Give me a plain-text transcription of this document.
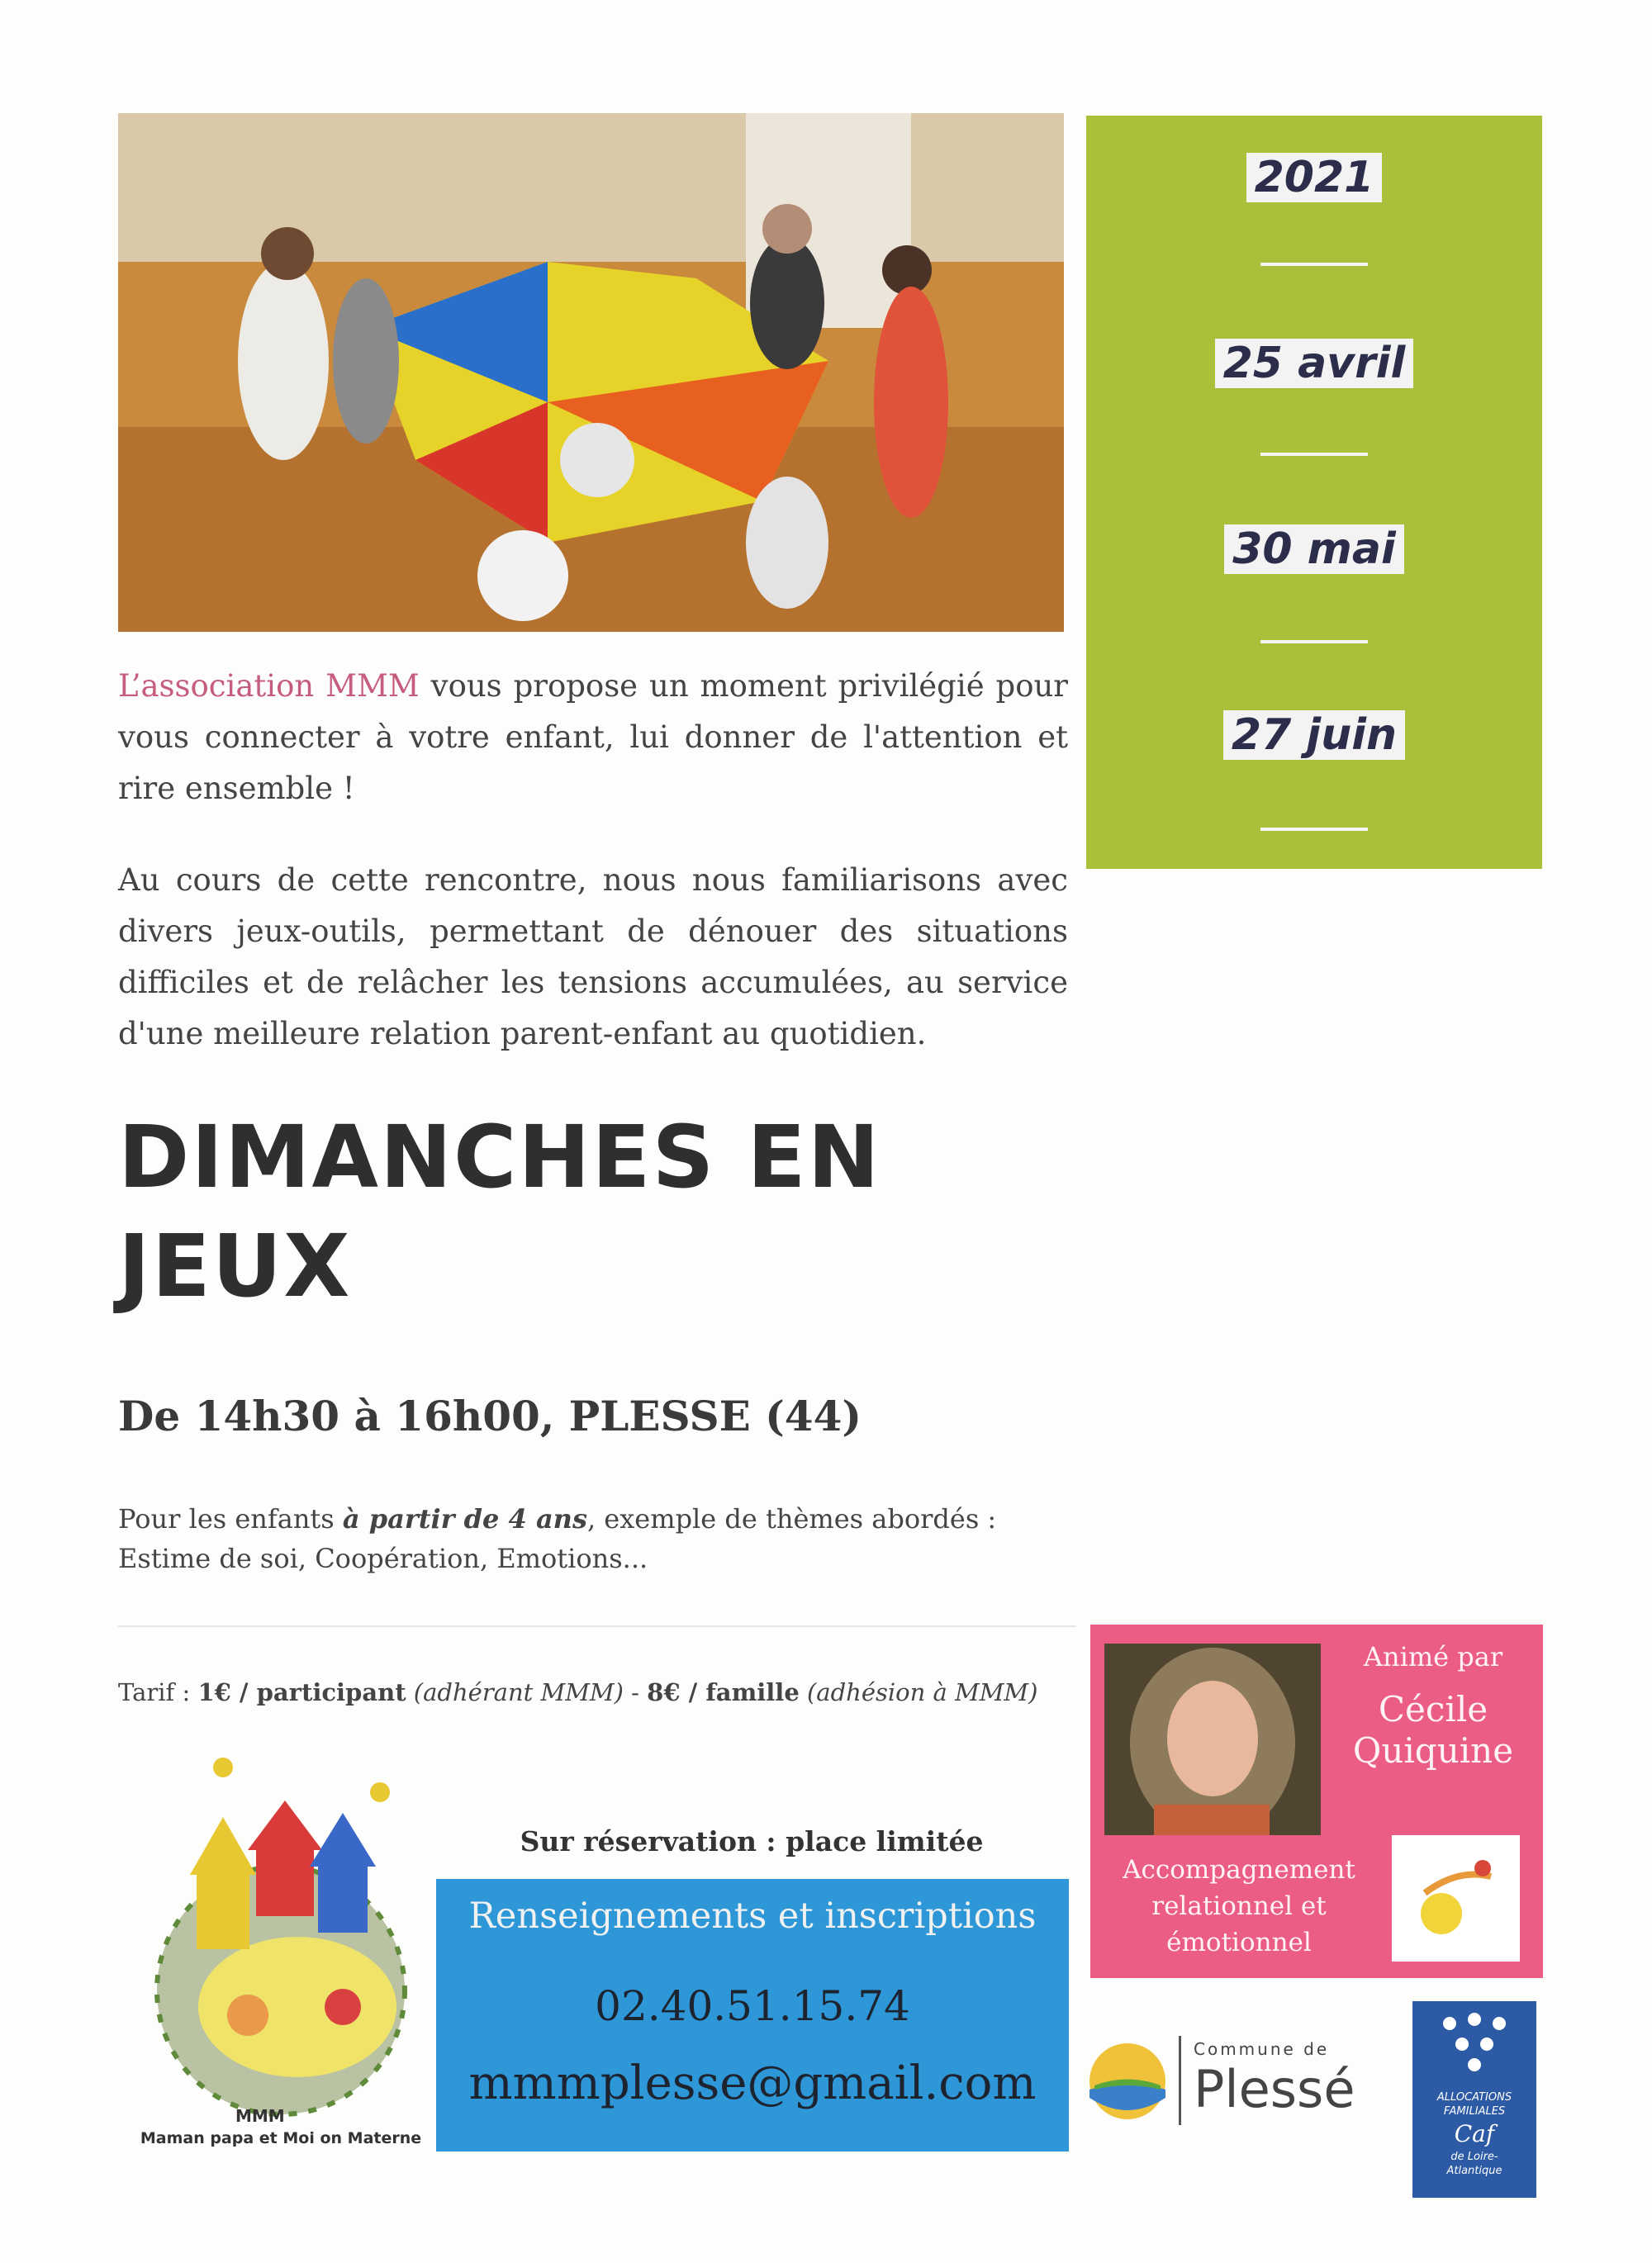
2021
25 avril
30 mai
27 juin
L’association MMM vous propose un moment privilégié pour vous connecter à votre enfant, lui donner de l'attention et rire ensemble !
Au cours de cette rencontre, nous nous familiarisons avec divers jeux-outils, permettant de dénouer des situations difficiles et de relâcher les tensions accumulées, au service d'une meilleure relation parent-enfant au quotidien.
DIMANCHES EN
JEUX
De 14h30 à 16h00, PLESSE (44)
Pour les enfants à partir de 4 ans, exemple de thèmes abordés :
Estime de soi, Coopération, Emotions...
Tarif : 1€ / participant (adhérant MMM) - 8€ / famille (adhésion à MMM)
MMM
Maman papa et Moi on Materne
Sur réservation : place limitée
Renseignements et inscriptions
02.40.51.15.74
mmmplesse@gmail.com
Animé par
Cécile
Quiquine
Accompagnement
relationnel et
émotionnel
Commune de
Plessé	ALLOCATIONS
FAMILIALES
Caf
de Loire-
Atlantique
